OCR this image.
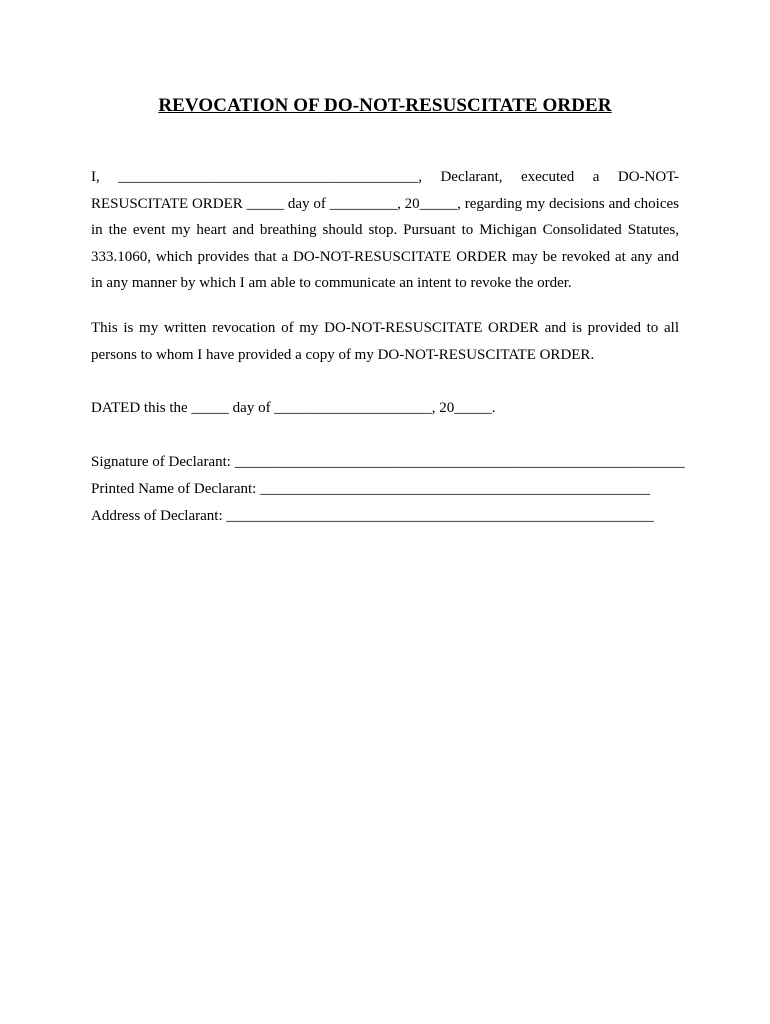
REVOCATION OF DO-NOT-RESUSCITATE ORDER

I, ________________________________________, Declarant, executed a DO-NOT-RESUSCITATE ORDER _____ day of _________, 20_____, regarding my decisions and choices in the event my heart and breathing should stop. Pursuant to Michigan Consolidated Statutes, 333.1060, which provides that a DO-NOT-RESUSCITATE ORDER may be revoked at any and in any manner by which I am able to communicate an intent to revoke the order.

This is my written revocation of my DO-NOT-RESUSCITATE ORDER and is provided to all persons to whom I have provided a copy of my DO-NOT-RESUSCITATE ORDER.

DATED this the _____ day of _____________________, 20_____.

Signature of Declarant: ____________________________________________________________

Printed Name of Declarant: ____________________________________________________

Address of Declarant: _________________________________________________________
